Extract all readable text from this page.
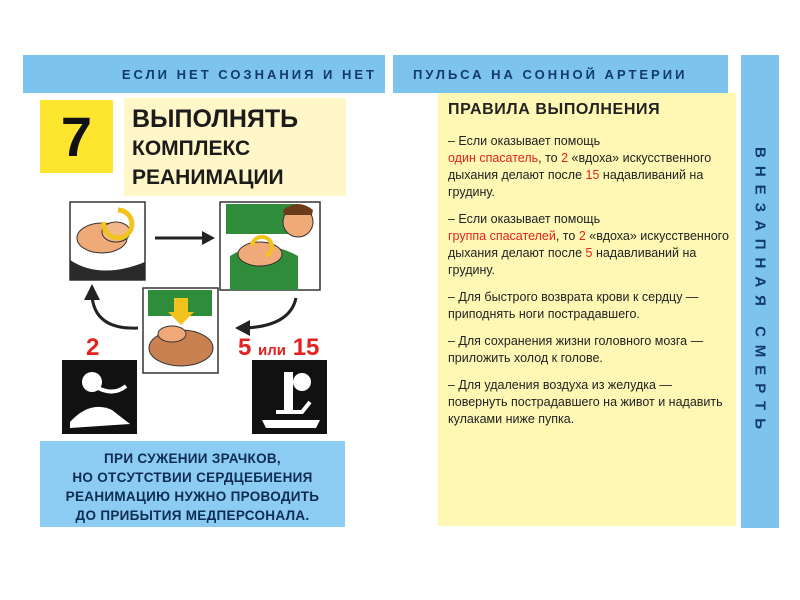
ЕСЛИ НЕТ СОЗНАНИЯ И НЕТ	ПУЛЬСА НА СОННОЙ АРТЕРИИ
ВНЕЗАПНАЯ СМЕРТЬ
7 ВЫПОЛНЯТЬ
КОМПЛЕКС
РЕАНИМАЦИИ
2	5 или 15
ПРИ СУЖЕНИИ ЗРАЧКОВ,
НО ОТСУТСТВИИ СЕРДЦЕБИЕНИЯ
РЕАНИМАЦИЮ НУЖНО ПРОВОДИТЬ
ДО ПРИБЫТИЯ МЕДПЕРСОНАЛА.
ПРАВИЛА ВЫПОЛНЕНИЯ
– Если оказывает помощь
один спасатель, то 2 «вдоха» искусственного дыхания делают после 15 надавливаний на грудину.
– Если оказывает помощь
группа спасателей, то 2 «вдоха» искусственного дыхания делают после 5 надавливаний на грудину.
– Для быстрого возврата крови к сердцу — приподнять ноги пострадавшего.
– Для сохранения жизни головного мозга — приложить холод к голове.
– Для удаления воздуха из желудка — повернуть пострадавшего на живот и надавить кулаками ниже пупка.
